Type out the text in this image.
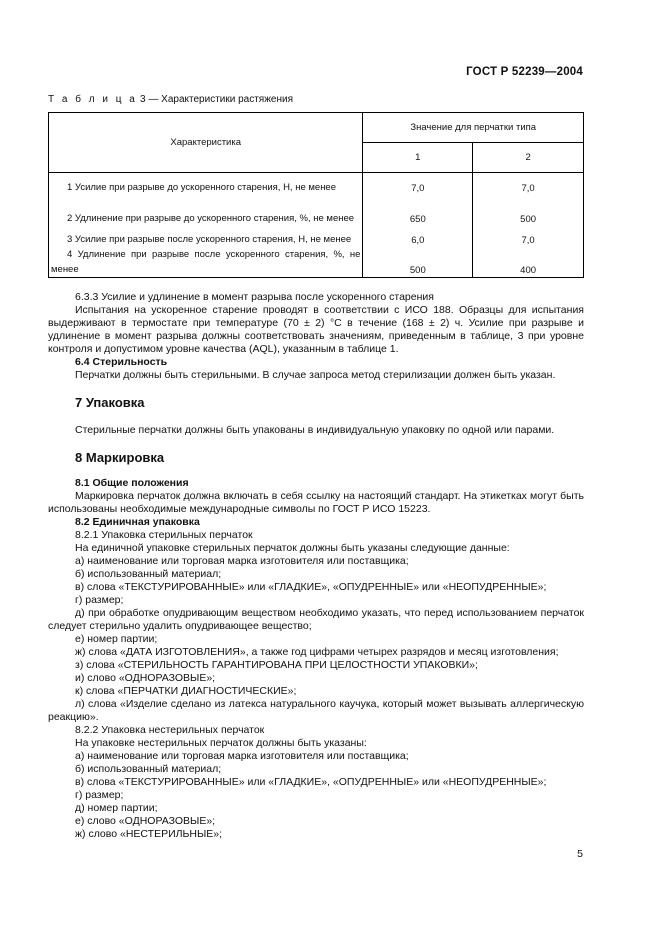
ГОСТ Р 52239—2004
Т а б л и ц а 3 — Характеристики растяжения
Характеристика	Значение для перчатки типа	
	1	2
1 Усилие при разрыве до ускоренного старения, Н, не менее	7,0	7,0
2 Удлинение при разрыве до ускоренного старения, %, не менее	650	500
3 Усилие при разрыве после ускоренного старения, Н, не менее	6,0	7,0
4 Удлинение при разрыве после ускоренного старения, %, не менее	500	400

6.3.3 Усилие и удлинение в момент разрыва после ускоренного старения

Испытания на ускоренное старение проводят в соответствии с ИСО 188. Образцы для испытания выдерживают в термостате при температуре (70 ± 2) °С в течение (168 ± 2) ч. Усилие при разрыве и удлинение в момент разрыва должны соответствовать значениям, приведенным в таблице, 3 при уровне контроля и допустимом уровне качества (AQL), указанным в таблице 1.

6.4 Стерильность

Перчатки должны быть стерильными. В случае запроса метод стерилизации должен быть указан.

7 Упаковка

Стерильные перчатки должны быть упакованы в индивидуальную упаковку по одной или парами.

8 Маркировка

8.1 Общие положения

Маркировка перчаток должна включать в себя ссылку на настоящий стандарт. На этикетках могут быть использованы необходимые международные символы по ГОСТ Р ИСО 15223.

8.2 Единичная упаковка

8.2.1 Упаковка стерильных перчаток

На единичной упаковке стерильных перчаток должны быть указаны следующие данные:

а) наименование или торговая марка изготовителя или поставщика;

б) использованный материал;

в) слова «ТЕКСТУРИРОВАННЫЕ» или «ГЛАДКИЕ», «ОПУДРЕННЫЕ» или «НЕОПУДРЕННЫЕ»;

г) размер;

д) при обработке опудривающим веществом необходимо указать, что перед использованием перчаток следует стерильно удалить опудривающее вещество;

е) номер партии;

ж) слова «ДАТА ИЗГОТОВЛЕНИЯ», а также год цифрами четырех разрядов и месяц изготовления;

з) слова «СТЕРИЛЬНОСТЬ ГАРАНТИРОВАНА ПРИ ЦЕЛОСТНОСТИ УПАКОВКИ»;

и) слово «ОДНОРАЗОВЫЕ»;

к) слова «ПЕРЧАТКИ ДИАГНОСТИЧЕСКИЕ»;

л) слова «Изделие сделано из латекса натурального каучука, который может вызывать аллергическую реакцию».

8.2.2 Упаковка нестерильных перчаток

На упаковке нестерильных перчаток должны быть указаны:

а) наименование или торговая марка изготовителя или поставщика;

б) использованный материал;

в) слова «ТЕКСТУРИРОВАННЫЕ» или «ГЛАДКИЕ», «ОПУДРЕННЫЕ» или «НЕОПУДРЕННЫЕ»;

г) размер;

д) номер партии;

е) слово «ОДНОРАЗОВЫЕ»;

ж) слово «НЕСТЕРИЛЬНЫЕ»;

5
